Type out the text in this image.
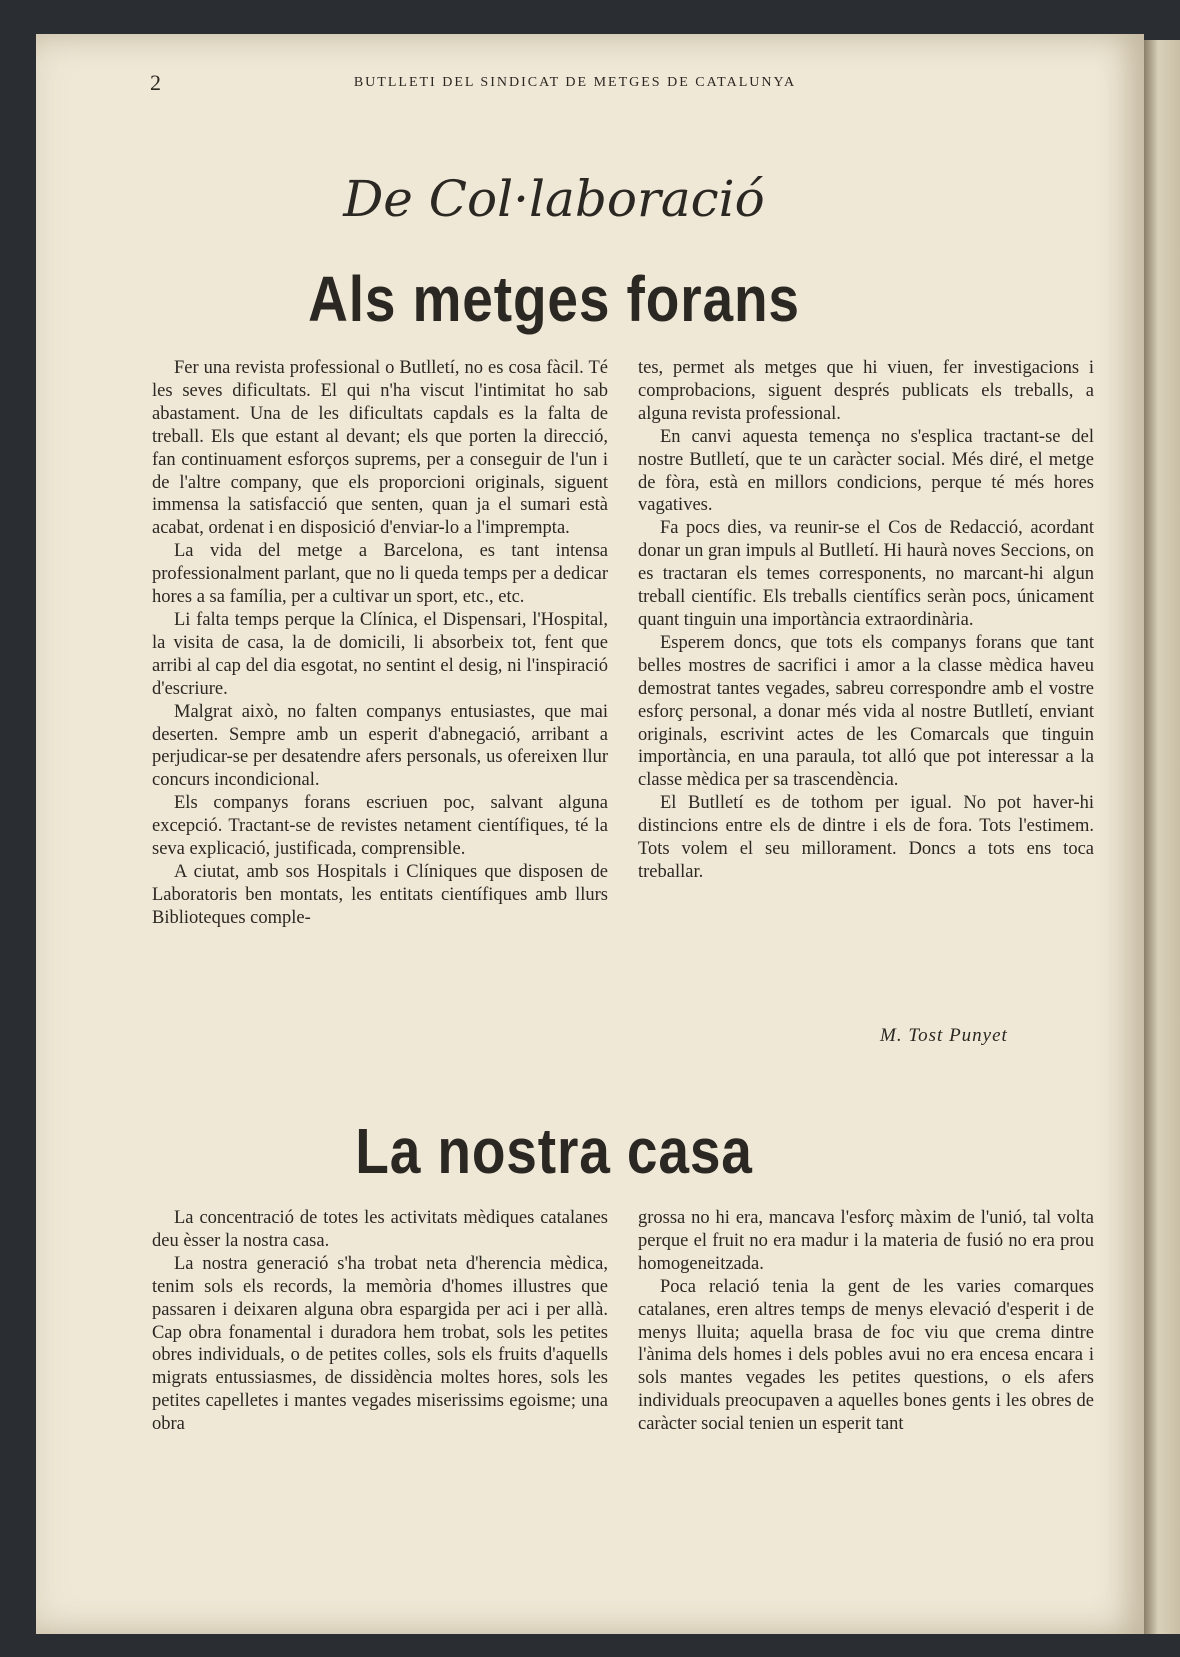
2	BUTLLETI DEL SINDICAT DE METGES DE CATALUNYA
De Col·laboració
Als metges forans

Fer una revista professional o Butlletí, no es cosa fàcil. Té les seves dificultats. El qui n'ha viscut l'intimitat ho sab abastament. Una de les dificultats capdals es la falta de treball. Els que estant al devant; els que porten la direcció, fan continuament esforços suprems, per a conseguir de l'un i de l'altre company, que els proporcioni originals, siguent immensa la satisfacció que senten, quan ja el sumari està acabat, ordenat i en disposició d'enviar-lo a l'imprempta.

La vida del metge a Barcelona, es tant intensa professionalment parlant, que no li queda temps per a dedicar hores a sa família, per a cultivar un sport, etc., etc.

Li falta temps perque la Clínica, el Dispensari, l'Hospital, la visita de casa, la de domicili, li absorbeix tot, fent que arribi al cap del dia esgotat, no sentint el desig, ni l'inspiració d'escriure.

Malgrat això, no falten companys entusiastes, que mai deserten. Sempre amb un esperit d'abnegació, arribant a perjudicar-se per desatendre afers personals, us ofereixen llur concurs incondicional.

Els companys forans escriuen poc, salvant alguna excepció. Tractant-se de revistes netament científiques, té la seva explicació, justificada, comprensible.

A ciutat, amb sos Hospitals i Clíniques que disposen de Laboratoris ben montats, les entitats científiques amb llurs Biblioteques comple-

tes, permet als metges que hi viuen, fer investigacions i comprobacions, siguent després publicats els treballs, a alguna revista professional.

En canvi aquesta temença no s'esplica tractant-se del nostre Butlletí, que te un caràcter social. Més diré, el metge de fòra, està en millors condicions, perque té més hores vagatives.

Fa pocs dies, va reunir-se el Cos de Redacció, acordant donar un gran impuls al Butlletí. Hi haurà noves Seccions, on es tractaran els temes corresponents, no marcant-hi algun treball científic. Els treballs científics seràn pocs, únicament quant tinguin una importància extraordinària.

Esperem doncs, que tots els companys forans que tant belles mostres de sacrifici i amor a la classe mèdica haveu demostrat tantes vegades, sabreu correspondre amb el vostre esforç personal, a donar més vida al nostre Butlletí, enviant originals, escrivint actes de les Comarcals que tinguin importància, en una paraula, tot alló que pot interessar a la classe mèdica per sa trascendència.

El Butlletí es de tothom per igual. No pot haver-hi distincions entre els de dintre i els de fora. Tots l'estimem. Tots volem el seu millorament. Doncs a tots ens toca treballar.

M. Tost Punyet
La nostra casa

La concentració de totes les activitats mèdiques catalanes deu èsser la nostra casa.

La nostra generació s'ha trobat neta d'herencia mèdica, tenim sols els records, la memòria d'homes illustres que passaren i deixaren alguna obra espargida per aci i per allà. Cap obra fonamental i duradora hem trobat, sols les petites obres individuals, o de petites colles, sols els fruits d'aquells migrats entussiasmes, de dissidència moltes hores, sols les petites capelletes i mantes vegades miserissims egoisme; una obra

grossa no hi era, mancava l'esforç màxim de l'unió, tal volta perque el fruit no era madur i la materia de fusió no era prou homogeneitzada.

Poca relació tenia la gent de les varies comarques catalanes, eren altres temps de menys elevació d'esperit i de menys lluita; aquella brasa de foc viu que crema dintre l'ànima dels homes i dels pobles avui no era encesa encara i sols mantes vegades les petites questions, o els afers individuals preocupaven a aquelles bones gents i les obres de caràcter social tenien un esperit tant
